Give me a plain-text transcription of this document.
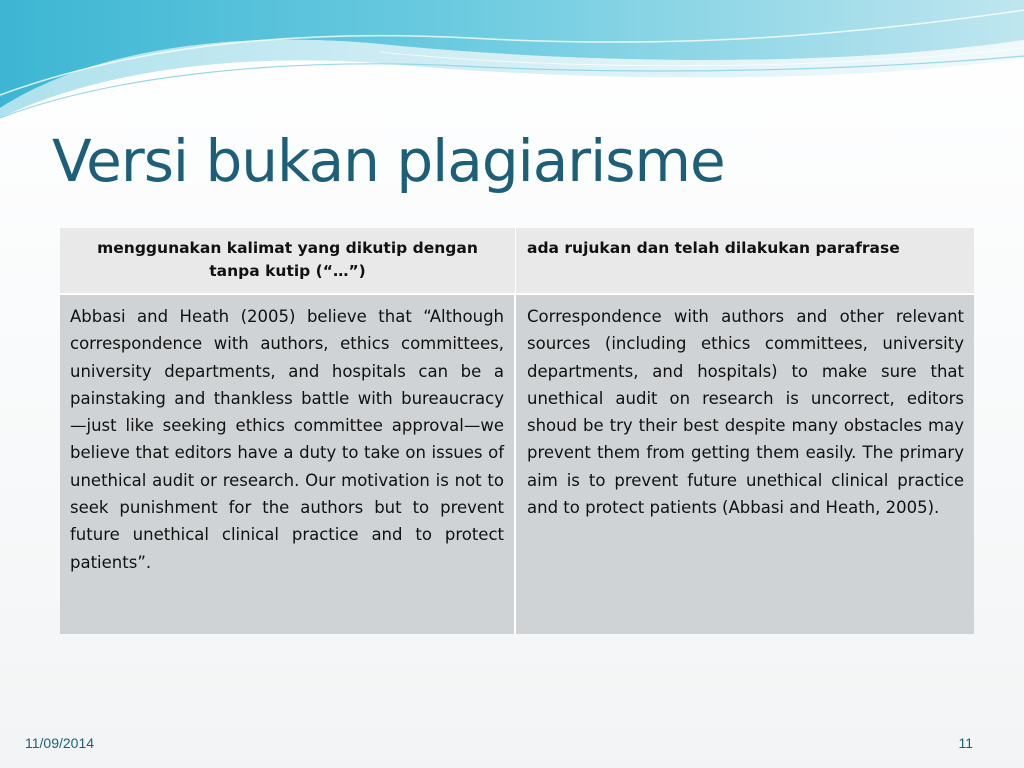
Versi bukan plagiarisme
menggunakan kalimat yang dikutip dengan tanpa kutip (“…”)
ada rujukan dan telah dilakukan parafrase
Abbasi and Heath (2005) believe that “Although correspondence with authors, ethics committees, university departments, and hospitals can be a painstaking and thankless battle with bureaucracy—just like seeking ethics committee approval—we believe that editors have a duty to take on issues of unethical audit or research. Our motivation is not to seek punishment for the authors but to prevent future unethical clinical practice and to protect patients”.
Correspondence with authors and other relevant sources (including ethics committees, university departments, and hospitals) to make sure that unethical audit on research is uncorrect, editors shoud be try their best despite many obstacles may prevent them from getting them easily. The primary aim is to prevent future unethical clinical practice and to protect patients (Abbasi and Heath, 2005).
11/09/2014	11
